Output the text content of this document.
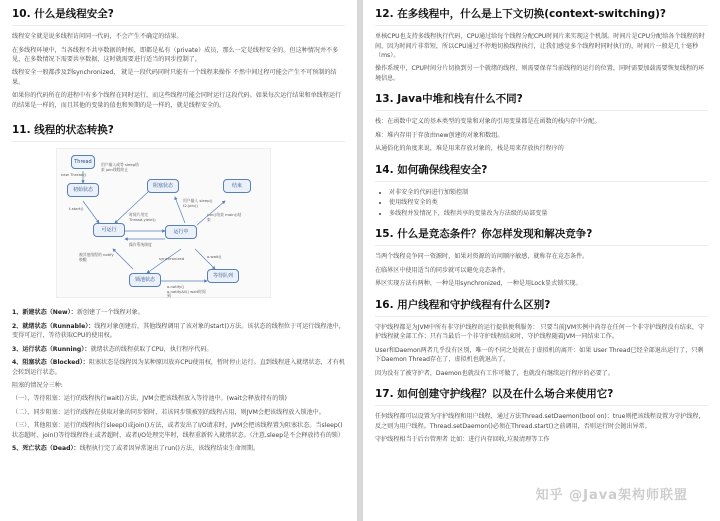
10. 什么是线程安全?

线程安全就是说多线程访问同一代码，不会产生不确定的结果。

在多线程环境中，当各线程不共享数据的时候，即都是私有（private）成员，那么一定是线程安全的。但这种情况并不多见，在多数情况下需要共享数据，这时就需要进行适当的同步控制了。

线程安全一般都涉及到synchronized， 就是一段代码同时只能有一个线程来操作 不然中间过程可能会产生不可预制的结果。

如果你的代码所在的进程中有多个线程在同时运行，而这些线程可能会同时运行这段代码。如果每次运行结果和单线程运行的结果是一样的，而且其他的变量的值也和预期的是一样的，就是线程安全的。

11. 线程的状态转换?
Thread
new Thread()
初始状态
t.start()
可运行
阻塞状态
用户输入或等 sleep结束 join线程终止
用户输入 sleep() t2.join()
运行中
结束
run()结束 main()结束
时间片用完 Thread.yield()
操作系统调度
被其他线程的 notify唤醒	synchronized	o.wait()
锁池状态
等待队列
o.notify() o.notifyAll() wait时间到

1、新建状态（New）：新创建了一个线程对象。

2、就绪状态（Runnable）：线程对象创建后，其他线程调用了该对象的start()方法。该状态的线程位于可运行线程池中，变得可运行，等待获取CPU的使用权。

3、运行状态（Running）：就绪状态的线程获取了CPU，执行程序代码。

4、阻塞状态（Blocked）：阻塞状态是线程因为某种原因放弃CPU使用权，暂时停止运行。直到线程进入就绪状态，才有机会转到运行状态。

阻塞的情况分三种:

（一）、等待阻塞：运行的线程执行wait()方法，JVM会把该线程放入等待池中。(wait会释放持有的锁)

（二）、同步阻塞：运行的线程在获取对象的同步锁时，若该同步锁被别的线程占用，则JVM会把该线程放入锁池中。

（三）、其他阻塞：运行的线程执行sleep()或join()方法，或者发出了I/O请求时，JVM会把该线程置为阻塞状态。当sleep()状态超时、join()等待线程终止或者超时、或者I/O处理完毕时，线程重新转入就绪状态。（注意,sleep是不会释放持有的锁）

5、死亡状态（Dead）：线程执行完了或者因异常退出了run()方法，该线程结束生命周期。

12. 在多线程中，什么是上下文切换(context-switching)?

单核CPU也支持多线程执行代码，CPU通过给每个线程分配CPU时间片来实现这个机制。时间片是CPU分配给各个线程的时间，因为时间片非常短，所以CPU通过不停地切换线程执行，让我们感觉多个线程时同时执行的，时间片一般是几十毫秒（ms）。

操作系统中，CPU时间分片切换到另一个就绪的线程，则需要保存当前线程的运行的位置，同时需要加载需要恢复线程的环境信息。

13. Java中堆和栈有什么不同?

栈：在函数中定义的基本类型的变量和对象的引用变量都是在函数的栈内存中分配。

堆：堆内存用于存放由new创建的对象和数组。

从通俗化的角度来说，堆是用来存放对象的，栈是用来存放执行程序的

14. 如何确保线程安全?
• 对非安全的代码进行加锁控制
• 使用线程安全的类
• 多线程并发情况下，线程共享的变量改为方法级的局部变量
15. 什么是竞态条件？你怎样发现和解决竞争?

当两个线程竞争同一资源时，如果对资源的访问顺序敏感，就称存在竞态条件。

在临界区中使用适当的同步就可以避免竞态条件。

界区实现方法有两种，一种是用synchronized，一种是用Lock显式锁实现。

16. 用户线程和守护线程有什么区别?

守护线程都是为JVM中所有非守护线程的运行提供便利服务： 只要当前JVM实例中尚存在任何一个非守护线程没有结束，守护线程就全部工作；只有当最后一个非守护线程结束时，守护线程随着JVM一同结束工作。

User和Daemon两者几乎没有区别，唯一的不同之处就在于虚拟机的离开：如果 User Thread已经全部退出运行了，只剩下Daemon Thread存在了，虚拟机也就退出了。

因为没有了被守护者，Daemon也就没有工作可做了，也就没有继续运行程序的必要了。

17. 如何创建守护线程？以及在什么场合来使用它?

任何线程都可以设置为守护线程和用户线程，通过方法Thread.setDaemon(bool on)；true则把该线程设置为守护线程，反之则为用户线程。Thread.setDaemon()必须在Thread.start()之前调用，否则运行时会抛出异常。

守护线程相当于后台管理者 比如：进行内存回收,垃圾清理等工作

知乎 @Java架构师联盟
